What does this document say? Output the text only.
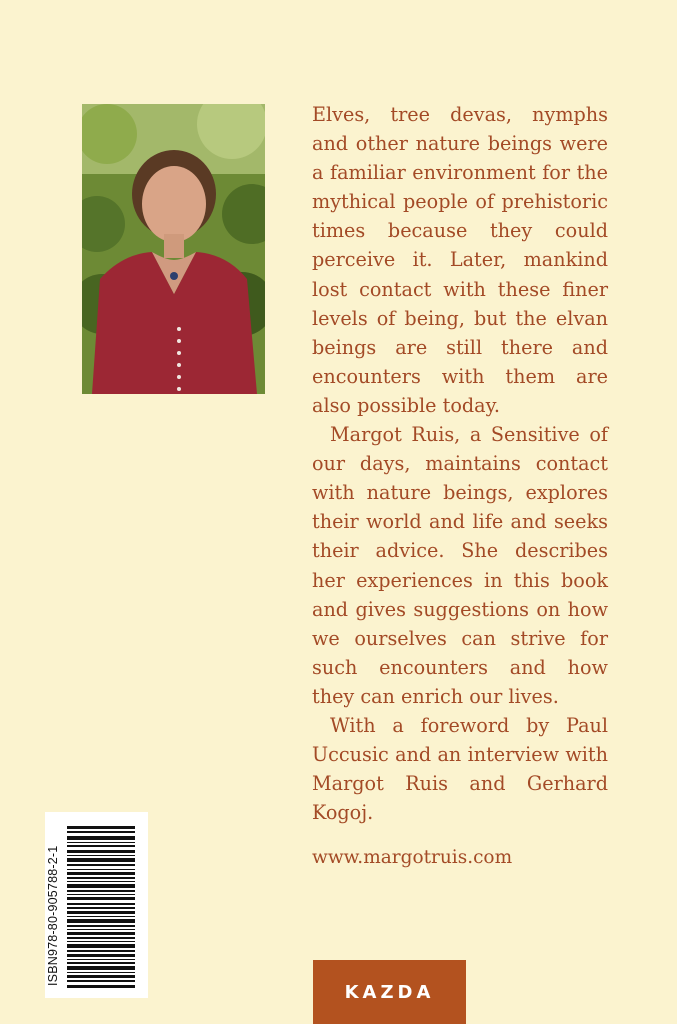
Elves, tree devas, nymphs and other nature beings were a familiar environment for the mythical people of prehistoric times because they could perceive it. Later, mankind lost contact with these finer levels of being, but the elvan beings are still there and encounters with them are also possible today.

Margot Ruis, a Sensitive of our days, maintains contact with nature beings, explores their world and life and seeks their advice. She describes her experiences in this book and gives suggestions on how we ourselves can strive for such encounters and how they can enrich our lives.

With a foreword by Paul Uccusic and an interview with Margot Ruis and Gerhard Kogoj.

www.margotruis.com
ISBN978-80-905788-2-1
KAZDA
